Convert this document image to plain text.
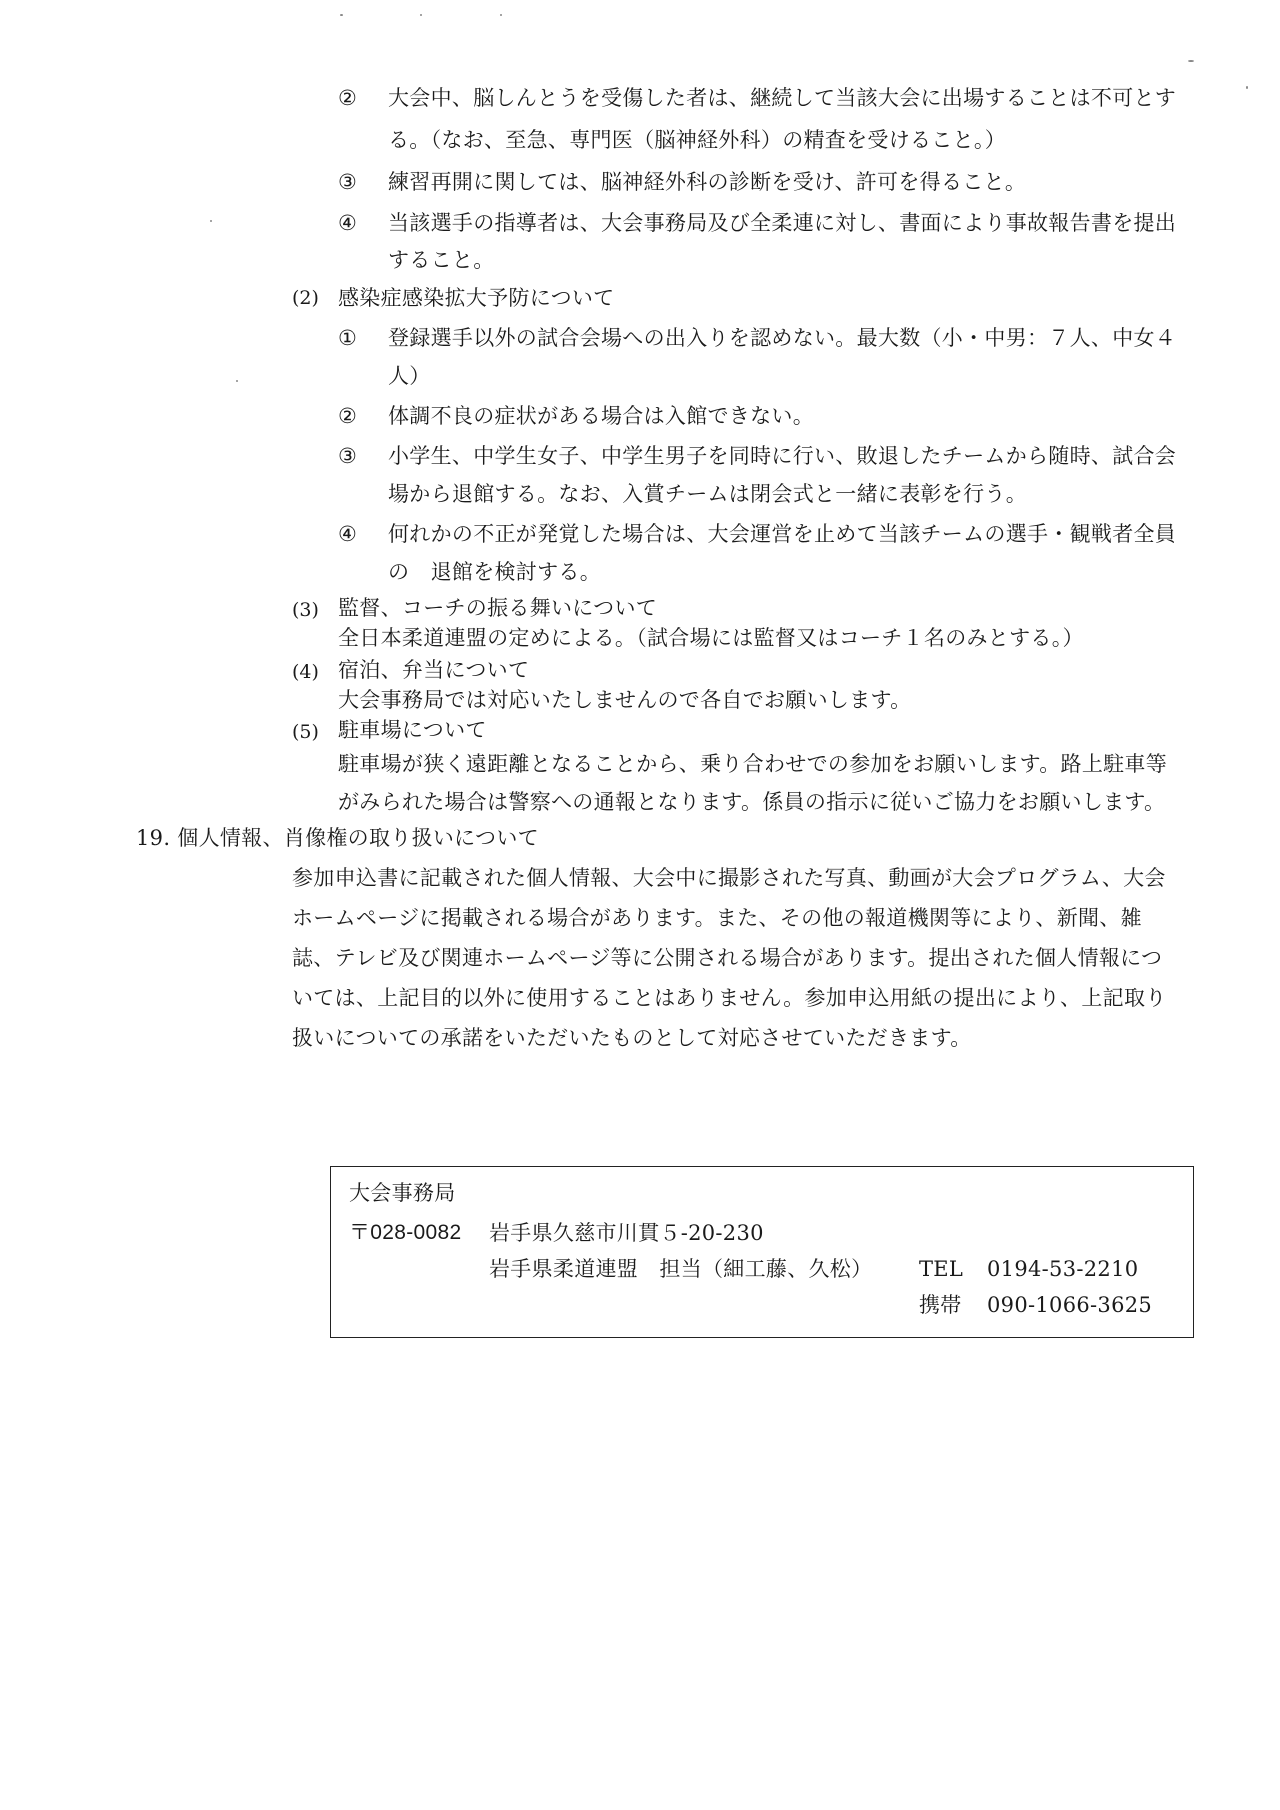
② 大会中、脳しんとうを受傷した者は、継続して当該大会に出場することは不可とす
る。（なお、至急、専門医（脳神経外科）の精査を受けること。）
③ 練習再開に関しては、脳神経外科の診断を受け、許可を得ること。
④ 当該選手の指導者は、大会事務局及び全柔連に対し、書面により事故報告書を提出
すること。
(2) 感染症感染拡大予防について
① 登録選手以外の試合会場への出入りを認めない。最大数（小・中男：７人、中女４
人）
② 体調不良の症状がある場合は入館できない。
③ 小学生、中学生女子、中学生男子を同時に行い、敗退したチームから随時、試合会
場から退館する。なお、入賞チームは閉会式と一緒に表彰を行う。
④ 何れかの不正が発覚した場合は、大会運営を止めて当該チームの選手・観戦者全員
の　退館を検討する。
(3) 監督、コーチの振る舞いについて
全日本柔道連盟の定めによる。（試合場には監督又はコーチ１名のみとする。）
(4) 宿泊、弁当について
大会事務局では対応いたしませんので各自でお願いします。
(5) 駐車場について
駐車場が狭く遠距離となることから、乗り合わせでの参加をお願いします。路上駐車等
がみられた場合は警察への通報となります。係員の指示に従いご協力をお願いします。
19. 個人情報、肖像権の取り扱いについて
参加申込書に記載された個人情報、大会中に撮影された写真、動画が大会プログラム、大会
ホームページに掲載される場合があります。また、その他の報道機関等により、新聞、雑
誌、テレビ及び関連ホームページ等に公開される場合があります。提出された個人情報につ
いては、上記目的以外に使用することはありません。参加申込用紙の提出により、上記取り
扱いについての承諾をいただいたものとして対応させていただきます。
大会事務局
〒028-0082 岩手県久慈市川貫５-20-230
岩手県柔道連盟　担当（細工藤、久松） TEL 0194-53-2210
携帯 090-1066-3625
